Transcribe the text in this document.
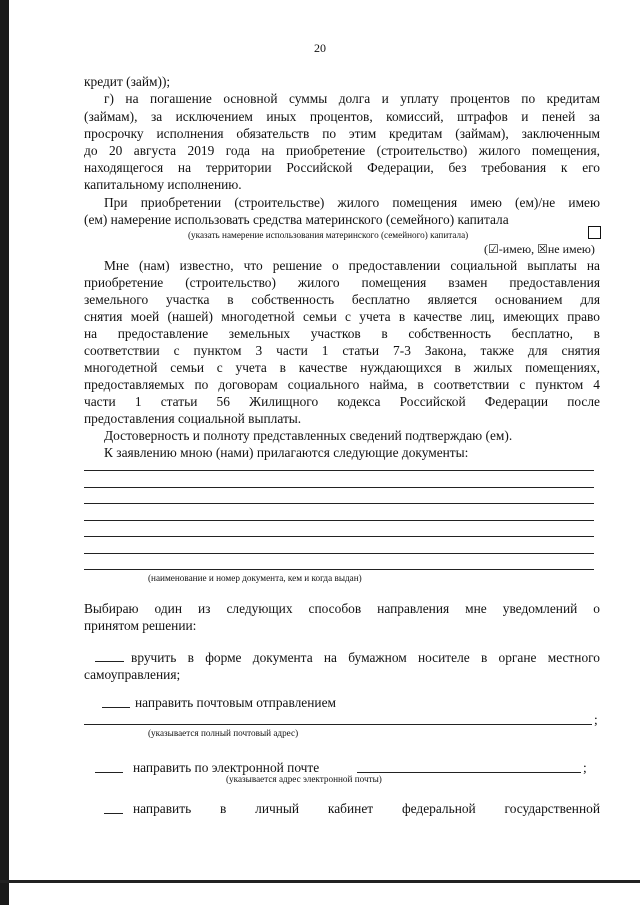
20
кредит (займ));
г) на погашение основной суммы долга и уплату процентов по кредитам
(займам), за исключением иных процентов, комиссий, штрафов и пеней за
просрочку исполнения обязательств по этим кредитам (займам), заключенным
до 20 августа 2019 года на приобретение (строительство) жилого помещения,
находящегося на территории Российской Федерации, без требования к его
капитальному исполнению.
При приобретении (строительстве) жилого помещения имею (ем)/не имею
(ем) намерение использовать средства материнского (семейного) капитала
(указать намерение использования материнского (семейного) капитала)
(☑-имею, ☒не имею)
Мне (нам) известно, что решение о предоставлении социальной выплаты на
приобретение (строительство) жилого помещения взамен предоставления
земельного участка в собственность бесплатно является основанием для
снятия моей (нашей) многодетной семьи с учета в качестве лиц, имеющих право
на предоставление земельных участков в собственность бесплатно, в
соответствии с пунктом 3 части 1 статьи 7-3 Закона, также для снятия
многодетной семьи с учета в качестве нуждающихся в жилых помещениях,
предоставляемых по договорам социального найма, в соответствии с пунктом 4
части 1 статьи 56 Жилищного кодекса Российской Федерации после
предоставления социальной выплаты.
Достоверность и полноту представленных сведений подтверждаю (ем).
К заявлению мною (нами) прилагаются следующие документы:
(наименование и номер документа, кем и когда выдан)
Выбираю один из следующих способов направления мне уведомлений о
принятом решении:
вручить в форме документа на бумажном носителе в органе местного
самоуправления;
направить почтовым отправлением
;
(указывается полный почтовый адрес)
направить по электронной почте	;
(указывается адрес электронной почты)
направить в личный кабинет федеральной государственной
